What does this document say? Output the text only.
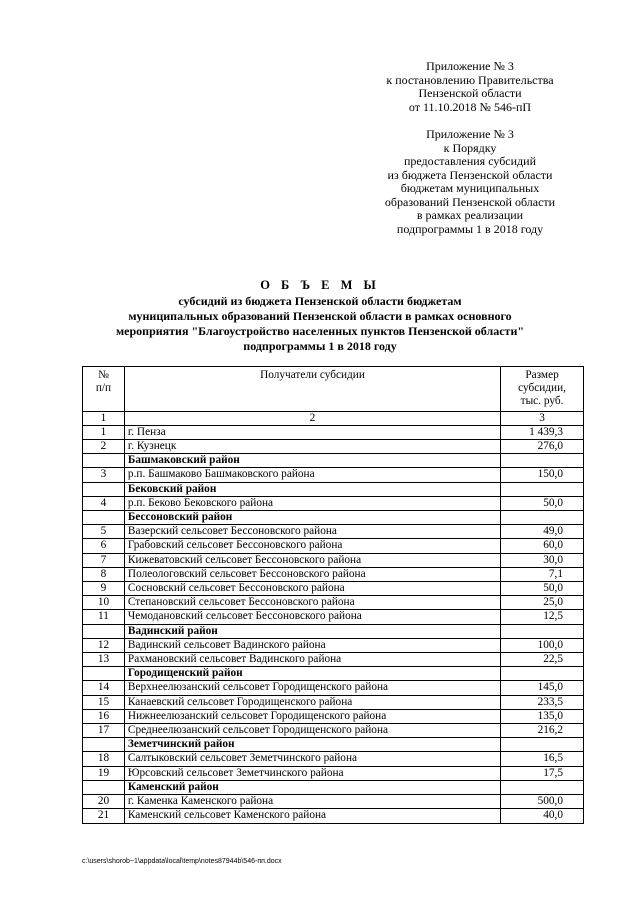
Приложение № 3
к постановлению Правительства
Пензенской области
от 11.10.2018 № 546-пП
Приложение № 3
к Порядку
предоставления субсидий
из бюджета Пензенской области
бюджетам муниципальных
образований Пензенской области
в рамках реализации
подпрограммы 1 в 2018 году
О Б Ъ Е М Ы
субсидий из бюджета Пензенской области бюджетам
муниципальных образований Пензенской области в рамках основного
мероприятия "Благоустройство населенных пунктов Пензенской области"
подпрограммы 1 в 2018 году
№
п/п	Получатели субсидии	Размер
субсидии,
тыс. руб.
1	2	3
1	г. Пенза	1 439,3
2	г. Кузнецк	276,0
	Башмаковский район	
3	р.п. Башмаково Башмаковского района	150,0
	Бековский район	
4	р.п. Беково Бековского района	50,0
	Бессоновский район	
5	Вазерский сельсовет Бессоновского района	49,0
6	Грабовский сельсовет Бессоновского района	60,0
7	Кижеватовский сельсовет Бессоновского района	30,0
8	Полеологовский сельсовет Бессоновского района	7,1
9	Сосновский сельсовет Бессоновского района	50,0
10	Степановский сельсовет Бессоновского района	25,0
11	Чемодановский сельсовет Бессоновского района	12,5
	Вадинский район	
12	Вадинский сельсовет Вадинского района	100,0
13	Рахмановский сельсовет Вадинского района	22,5
	Городищенский район	
14	Верхнеелюзанский сельсовет Городищенского района	145,0
15	Канаевский сельсовет Городищенского района	233,5
16	Нижнеелюзанский сельсовет Городищенского района	135,0
17	Среднеелюзанский сельсовет Городищенского района	216,2
	Земетчинский район	
18	Салтыковский сельсовет Земетчинского района	16,5
19	Юрсовский сельсовет Земетчинского района	17,5
	Каменский район	
20	г. Каменка Каменского района	500,0
21	Каменский сельсовет Каменского района	40,0
c:\users\shorob~1\appdata\local\temp\notes87944b\546-пп.docx
